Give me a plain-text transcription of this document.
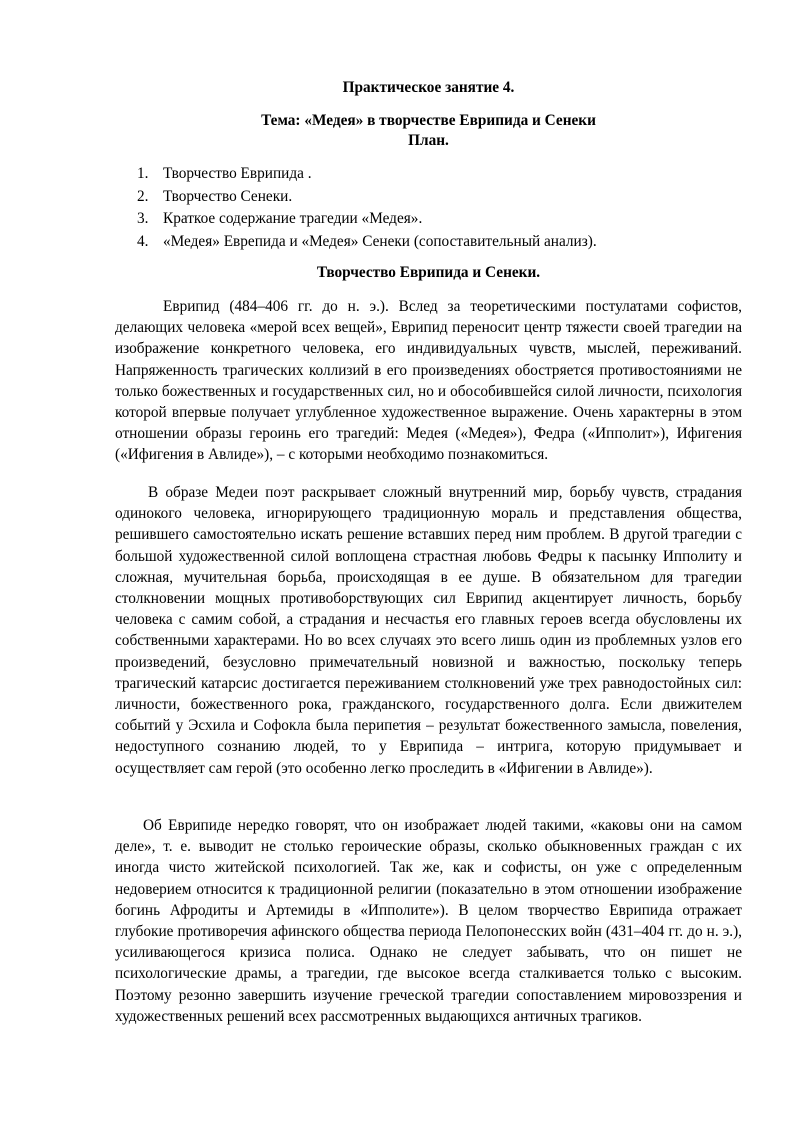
Практическое занятие 4.
Тема: «Медея» в творчестве Еврипида и Сенеки
План.
1. Творчество Еврипида .
2. Творчество Сенеки.
3. Краткое содержание трагедии «Медея».
4. «Медея» Еврепида и «Медея» Сенеки (сопоставительный анализ).
Творчество Еврипида и Сенеки.

Еврипид (484–406 гг. до н. э.). Вслед за теоретическими постулатами софистов, делающих человека «мерой всех вещей», Еврипид переносит центр тяжести своей трагедии на изображение конкретного человека, его индивидуальных чувств, мыслей, переживаний. Напряженность трагических коллизий в его произведениях обостряется противостояниями не только божественных и государственных сил, но и обособившейся силой личности, психология которой впервые получает углубленное художественное выражение. Очень характерны в этом отношении образы героинь его трагедий: Медея («Медея»), Федра («Ипполит»), Ифигения («Ифигения в Авлиде»), – с которыми необходимо познакомиться.

В образе Медеи поэт раскрывает сложный внутренний мир, борьбу чувств, страдания одинокого человека, игнорирующего традиционную мораль и представления общества, решившего самостоятельно искать решение вставших перед ним проблем. В другой трагедии с большой художественной силой воплощена страстная любовь Федры к пасынку Ипполиту и сложная, мучительная борьба, происходящая в ее душе. В обязательном для трагедии столкновении мощных противоборствующих сил Еврипид акцентирует личность, борьбу человека с самим собой, а страдания и несчастья его главных героев всегда обусловлены их собственными характерами. Но во всех случаях это всего лишь один из проблемных узлов его произведений, безусловно примечательный новизной и важностью, поскольку теперь трагический катарсис достигается переживанием столкновений уже трех равнодостойных сил: личности, божественного рока, гражданского, государственного долга. Если движителем событий у Эсхила и Софокла была перипетия – результат божественного замысла, повеления, недоступного сознанию людей, то у Еврипида – интрига, которую придумывает и осуществляет сам герой (это особенно легко проследить в «Ифигении в Авлиде»).

Об Еврипиде нередко говорят, что он изображает людей такими, «каковы они на самом деле», т. е. выводит не столько героические образы, сколько обыкновенных граждан с их иногда чисто житейской психологией. Так же, как и софисты, он уже с определенным недоверием относится к традиционной религии (показательно в этом отношении изображение богинь Афродиты и Артемиды в «Ипполите»). В целом творчество Еврипида отражает глубокие противоречия афинского общества периода Пелопонесских войн (431–404 гг. до н. э.), усиливающегося кризиса полиса. Однако не следует забывать, что он пишет не психологические драмы, а трагедии, где высокое всегда сталкивается только с высоким. Поэтому резонно завершить изучение греческой трагедии сопоставлением мировоззрения и художественных решений всех рассмотренных выдающихся античных трагиков.
